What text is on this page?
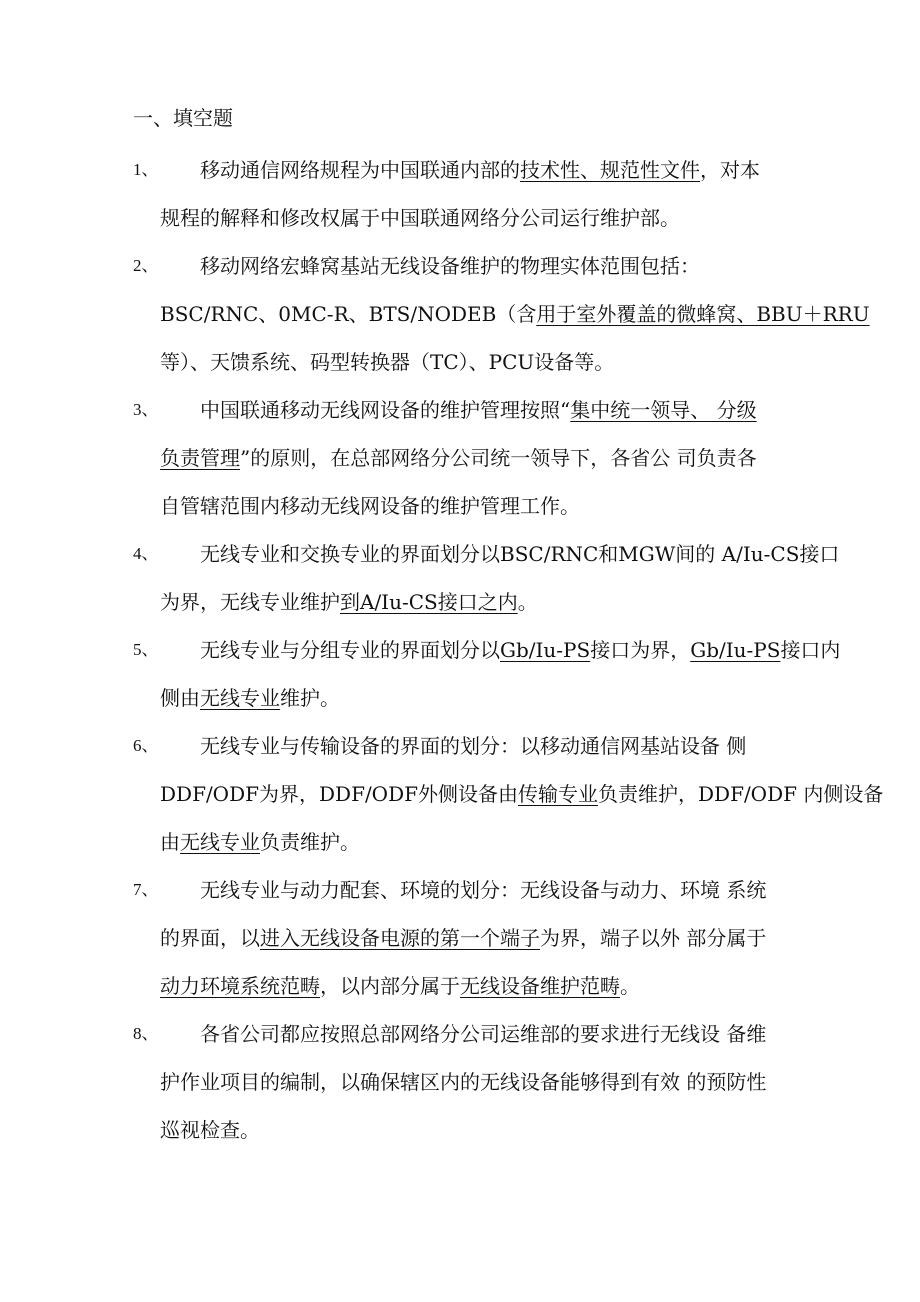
一、填空题
1、 移动通信网络规程为中国联通内部的技术性、规范性文件，对本
规程的解释和修改权属于中国联通网络分公司运行维护部。
2、 移动网络宏蜂窝基站无线设备维护的物理实体范围包括：
BSC/RNC、0MC-R、BTS/NODEB（含用于室外覆盖的微蜂窝、BBU＋RRU
等）、天馈系统、码型转换器（TC）、PCU设备等。
3、 中国联通移动无线网设备的维护管理按照“集中统一领导、 分级
负责管理”的原则，在总部网络分公司统一领导下，各省公 司负责各
自管辖范围内移动无线网设备的维护管理工作。
4、 无线专业和交换专业的界面划分以BSC/RNC和MGW间的 A/Iu-CS接口
为界，无线专业维护到A/Iu-CS接口之内。
5、 无线专业与分组专业的界面划分以Gb/Iu-PS接口为界，Gb/Iu-PS接口内
侧由无线专业维护。
6、 无线专业与传输设备的界面的划分：以移动通信网基站设备 侧
DDF/ODF为界，DDF/ODF外侧设备由传输专业负责维护，DDF/ODF 内侧设备
由无线专业负责维护。
7、 无线专业与动力配套、环境的划分：无线设备与动力、环境 系统
的界面，以进入无线设备电源的第一个端子为界，端子以外 部分属于
动力环境系统范畴，以内部分属于无线设备维护范畴。
8、 各省公司都应按照总部网络分公司运维部的要求进行无线设 备维
护作业项目的编制，以确保辖区内的无线设备能够得到有效 的预防性
巡视检查。
